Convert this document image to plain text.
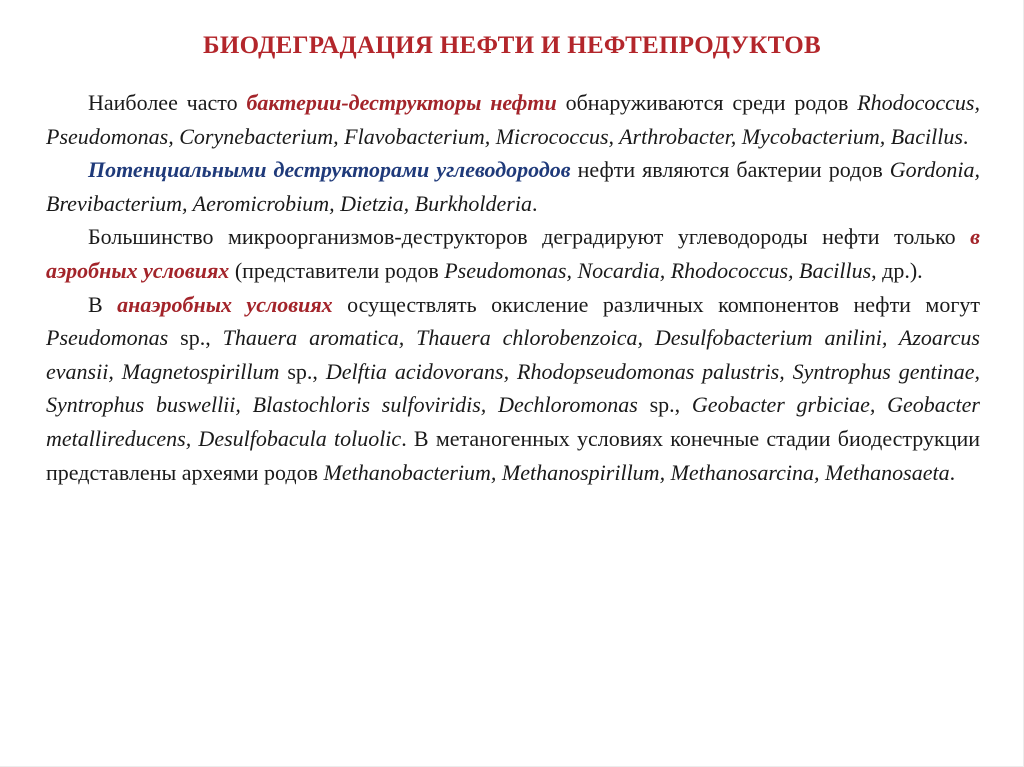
БИОДЕГРАДАЦИЯ НЕФТИ И НЕФТЕПРОДУКТОВ

Наиболее часто бактерии-деструкторы нефти обнаруживаются среди родов Rhodococcus, Pseudomonas, Corynebacterium, Flavobacterium, Micrococcus, Arthrobacter, Mycobacterium, Bacillus.

Потенциальными деструкторами углеводородов нефти являются бактерии родов Gordonia, Brevibacterium, Aeromicrobium, Dietzia, Burkholderia.

Большинство микроорганизмов-деструкторов деградируют углеводороды нефти только в аэробных условиях (представители родов Pseudomonas, Nocardia, Rhodococcus, Bacillus, др.).

В анаэробных условиях осуществлять окисление различных компонентов нефти могут Pseudomonas sp., Thauera aromatica, Thauera chlorobenzoica, Desulfobacterium anilini, Azoarcus evansii, Magnetospirillum sp., Delftia acidovorans, Rhodopseudomonas palustris, Syntrophus gentinae, Syntrophus buswellii, Blastochloris sulfoviridis, Dechloromonas sp., Geobacter grbiciae, Geobacter metallireducens, Desulfobacula toluolic. В метаногенных условиях конечные стадии биодеструкции представлены археями родов Methanobacterium, Methanospirillum, Methanosarcina, Methanosaeta.
